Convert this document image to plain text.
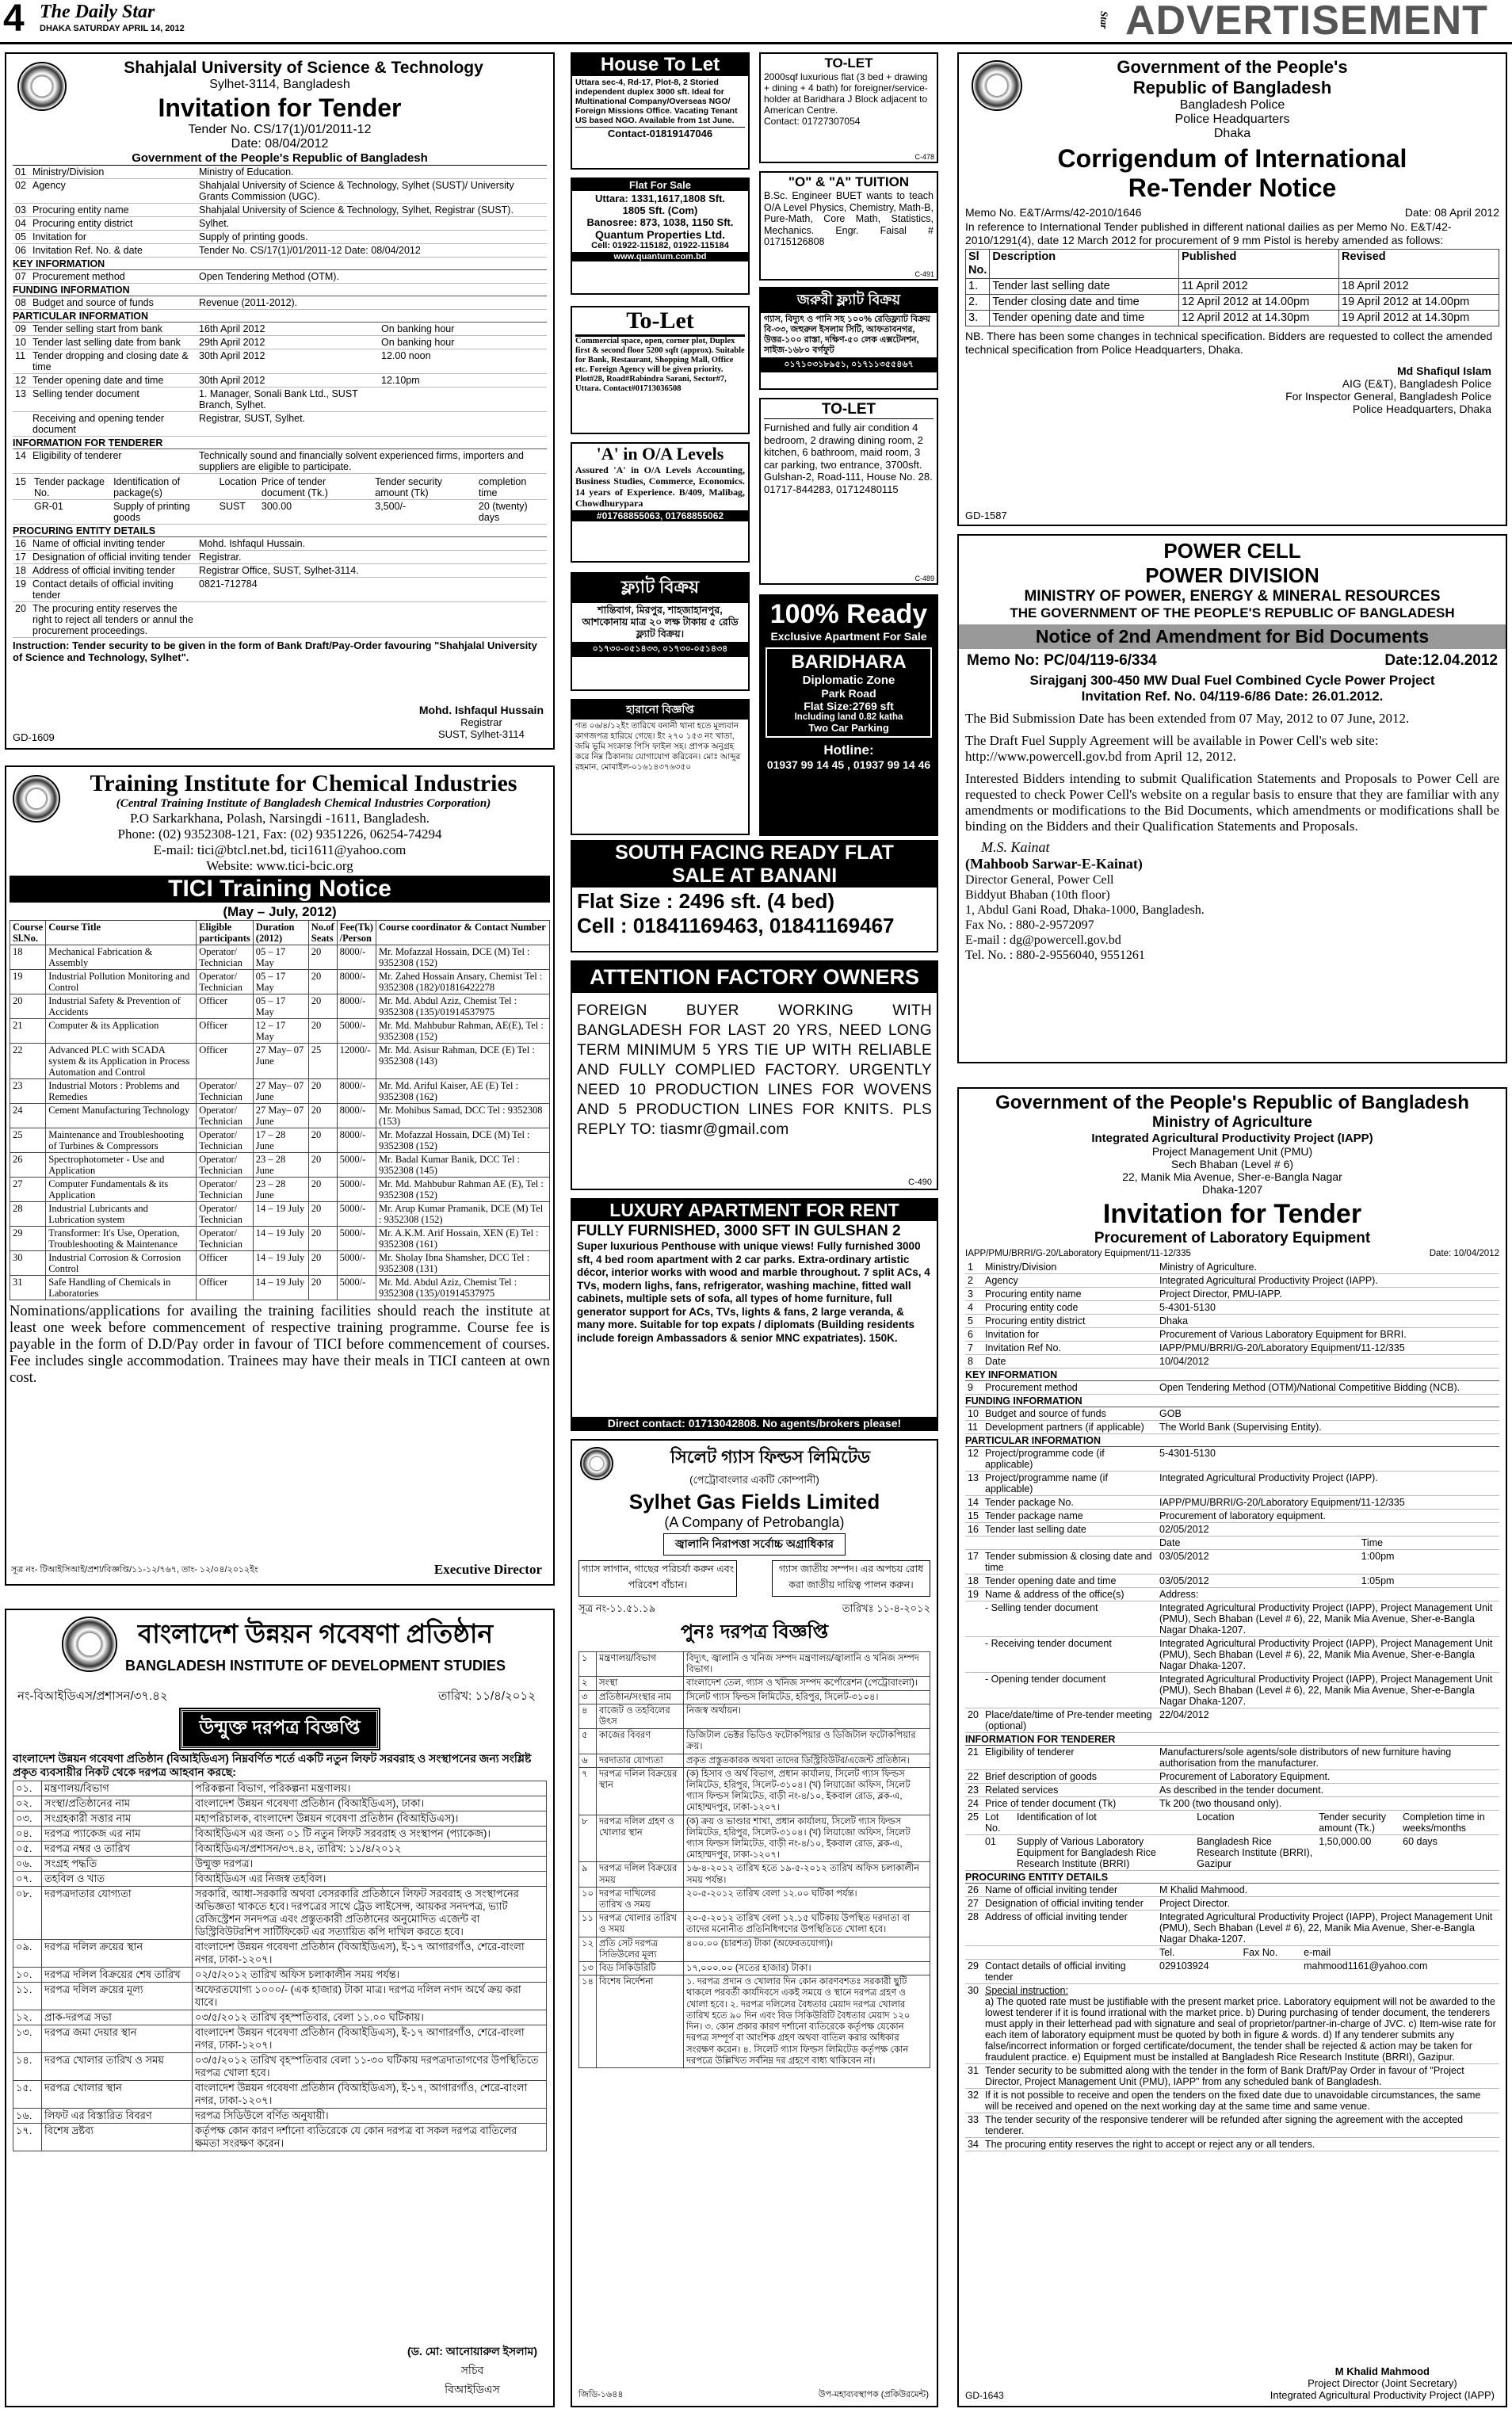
4 The Daily Star
DHAKA SATURDAY APRIL 14, 2012	Star ADVERTISEMENT
Shahjalal University of Science & Technology
Sylhet-3114, Bangladesh
Invitation for Tender
Tender No. CS/17(1)/01/2011-12
Date: 08/04/2012
Government of the People's Republic of Bangladesh
01	Ministry/Division	Ministry of Education.
02	Agency	Shahjalal University of Science & Technology, Sylhet (SUST)/ University Grants Commission (UGC).
03	Procuring entity name	Shahjalal University of Science & Technology, Sylhet, Registrar (SUST).
04	Procuring entity district	Sylhet.
05	Invitation for	Supply of printing goods.
06	Invitation Ref. No. & date	Tender No. CS/17(1)/01/2011-12 Date: 08/04/2012
KEY INFORMATION
07	Procurement method	Open Tendering Method (OTM).
FUNDING INFORMATION
08	Budget and source of funds	Revenue (2011-2012).
PARTICULAR INFORMATION
09	Tender selling start from bank	16th April 2012	On banking hour
10	Tender last selling date from bank	29th April 2012	On banking hour
11	Tender dropping and closing date & time	30th April 2012	12.00 noon
12	Tender opening date and time	30th April 2012	12.10pm
13	Selling tender document	1. Manager, Sonali Bank Ltd., SUST Branch, Sylhet.	
	Receiving and opening tender document	Registrar, SUST, Sylhet.	
INFORMATION FOR TENDERER
14	Eligibility of tenderer	Technically sound and financially solvent experienced firms, importers and suppliers are eligible to participate.
15	Tender package No.	Identification of package(s)	Location	Price of tender document (Tk.)	Tender security amount (Tk)	completion time
	GR-01	Supply of printing goods	SUST	300.00	3,500/-	20 (twenty) days
PROCURING ENTITY DETAILS
16	Name of official inviting tender	Mohd. Ishfaqul Hussain.
17	Designation of official inviting tender	Registrar.
18	Address of official inviting tender	Registrar Office, SUST, Sylhet-3114.
19	Contact details of official inviting tender	0821-712784
20	The procuring entity reserves the right to reject all tenders or annul the procurement proceedings.	
Instruction: Tender security to be given in the form of Bank Draft/Pay-Order favouring "Shahjalal University of Science and Technology, Sylhet".
Mohd. Ishfaqul Hussain
Registrar
SUST, Sylhet-3114
GD-1609
Training Institute for Chemical Industries
(Central Training Institute of Bangladesh Chemical Industries Corporation)
P.O Sarkarkhana, Polash, Narsingdi -1611, Bangladesh.
Phone: (02) 9352308-121, Fax: (02) 9351226, 06254-74294
E-mail: tici@btcl.net.bd, tici1611@yahoo.com
Website: www.tici-bcic.org
TICI Training Notice
(May – July, 2012)
Course Sl.No.	Course Title	Eligible participants	Duration (2012)	No.of Seats	Fee(Tk) /Person	Course coordinator & Contact Number
18	Mechanical Fabrication & Assembly	Operator/ Technician	05 – 17 May	20	8000/-	Mr. Mofazzal Hossain, DCE (M) Tel : 9352308 (152)
19	Industrial Pollution Monitoring and Control	Operator/ Technician	05 – 17 May	20	8000/-	Mr. Zahed Hossain Ansary, Chemist Tel : 9352308 (182)/01816422278
20	Industrial Safety & Prevention of Accidents	Officer	05 – 17 May	20	8000/-	Mr. Md. Abdul Aziz, Chemist Tel : 9352308 (135)/01914537975
21	Computer & its Application	Officer	12 – 17 May	20	5000/-	Mr. Md. Mahbubur Rahman, AE(E), Tel : 9352308 (152)
22	Advanced PLC with SCADA system & its Application in Process Automation and Control	Officer	27 May– 07 June	25	12000/-	Mr. Md. Asisur Rahman, DCE (E) Tel : 9352308 (143)
23	Industrial Motors : Problems and Remedies	Operator/ Technician	27 May– 07 June	20	8000/-	Mr. Md. Ariful Kaiser, AE (E) Tel : 9352308 (162)
24	Cement Manufacturing Technology	Operator/ Technician	27 May– 07 June	20	8000/-	Mr. Mohibus Samad, DCC Tel : 9352308 (153)
25	Maintenance and Troubleshooting of Turbines & Compressors	Operator/ Technician	17 – 28 June	20	8000/-	Mr. Mofazzal Hossain, DCE (M) Tel : 9352308 (152)
26	Spectrophotometer - Use and Application	Operator/ Technician	23 – 28 June	20	5000/-	Mr. Badal Kumar Banik, DCC Tel : 9352308 (145)
27	Computer Fundamentals & its Application	Operator/ Technician	23 – 28 June	20	5000/-	Mr. Md. Mahbubur Rahman AE (E), Tel : 9352308 (152)
28	Industrial Lubricants and Lubrication system	Operator/ Technician	14 – 19 July	20	5000/-	Mr. Arup Kumar Pramanik, DCE (M) Tel : 9352308 (152)
29	Transformer: It's Use, Operation, Troubleshooting & Maintenance	Operator/ Technician	14 – 19 July	20	5000/-	Mr. A.K.M. Arif Hossain, XEN (E) Tel : 9352308 (161)
30	Industrial Corrosion & Corrosion Control	Officer	14 – 19 July	20	5000/-	Mr. Sholay Ibna Shamsher, DCC Tel : 9352308 (131)
31	Safe Handling of Chemicals in Laboratories	Officer	14 – 19 July	20	5000/-	Mr. Md. Abdul Aziz, Chemist Tel : 9352308 (135)/01914537975
Nominations/applications for availing the training facilities should reach the institute at least one week before commencement of respective training programme. Course fee is payable in the form of D.D/Pay order in favour of TICI before commencement of courses. Fee includes single accommodation. Trainees may have their meals in TICI canteen at own cost.
সূত্র নং- টিআইসিআই/প্রশা/বিজ্ঞপ্তি/১১-১২/৭৬৭, তাং- ১২/০৪/২০১২ইং	Executive Director
বাংলাদেশ উন্নয়ন গবেষণা প্রতিষ্ঠান
BANGLADESH INSTITUTE OF DEVELOPMENT STUDIES
নং-বিআইডিএস/প্রশাসন/৩৭.৪২	তারিখ: ১১/৪/২০১২
উন্মুক্ত দরপত্র বিজ্ঞপ্তি
বাংলাদেশ উন্নয়ন গবেষণা প্রতিষ্ঠান (বিআইডিএস) নিম্নবর্ণিত শর্তে একটি নতুন লিফট সরবরাহ ও সংস্থাপনের জন্য সংশ্লিষ্ট প্রকৃত ব্যবসায়ীর নিকট থেকে দরপত্র আহবান করছে:
০১.	মন্ত্রণালয়/বিভাগ	পরিকল্পনা বিভাগ, পরিকল্পনা মন্ত্রণালয়।
০২.	সংস্থা/প্রতিষ্ঠানের নাম	বাংলাদেশ উন্নয়ন গবেষণা প্রতিষ্ঠান (বিআইডিএস), ঢাকা।
০৩.	সংগ্রহকারী সত্তার নাম	মহাপরিচালক, বাংলাদেশ উন্নয়ন গবেষণা প্রতিষ্ঠান (বিআইডিএস)।
০৪.	দরপত্র প্যাকেজ এর নাম	বিআইডিএস এর জন্য ০১ টি নতুন লিফট সরবরাহ ও সংস্থাপন (প্যাকেজ)।
০৫.	দরপত্র নম্বর ও তারিখ	বিআইডিএস/প্রশাসন/৩৭.৪২, তারিখ: ১১/৪/২০১২
০৬.	সংগ্রহ পদ্ধতি	উন্মুক্ত দরপত্র।
০৭.	তহবিল ও খাত	বিআইডিএস এর নিজস্ব তহবিল।
০৮.	দরপত্রদাতার যোগ্যতা	সরকারি, আধা-সরকারি অথবা বেসরকারি প্রতিষ্ঠানে লিফট সরবরাহ ও সংস্থাপনের অভিজ্ঞতা থাকতে হবে। দরপত্রের সাথে ট্রেড লাইসেন্স, আয়কর সনদপত্র, ভ্যাট রেজিস্ট্রেশন সনদপত্র এবং প্রস্তুতকারী প্রতিষ্ঠানের অনুমোদিত এজেন্ট বা ডিস্ট্রিবিউটরশিপ সার্টিফিকেট এর সত্যায়িত কপি দাখিল করতে হবে।
০৯.	দরপত্র দলিল ক্রয়ের স্থান	বাংলাদেশ উন্নয়ন গবেষণা প্রতিষ্ঠান (বিআইডিএস), ই-১৭ আগারগাঁও, শেরে-বাংলা নগর, ঢাকা-১২০৭।
১০.	দরপত্র দলিল বিক্রয়ের শেষ তারিখ	০২/৫/২০১২ তারিখ অফিস চলাকালীন সময় পর্যন্ত।
১১.	দরপত্র দলিল ক্রয়ের মূল্য	অফেরতযোগ্য ১০০০/- (এক হাজার) টাকা মাত্র। দরপত্র দলিল নগদ অর্থে ক্রয় করা যাবে।
১২.	প্রাক-দরপত্র সভা	০৩/৫/২০১২ তারিখ বৃহস্পতিবার, বেলা ১১.০০ ঘটিকায়।
১৩.	দরপত্র জমা দেয়ার স্থান	বাংলাদেশ উন্নয়ন গবেষণা প্রতিষ্ঠান (বিআইডিএস), ই-১৭ আগারগাঁও, শেরে-বাংলা নগর, ঢাকা-১২০৭।
১৪.	দরপত্র খোলার তারিখ ও সময়	০৩/৫/২০১২ তারিখ বৃহস্পতিবার বেলা ১১-৩০ ঘটিকায় দরপত্রদাতাগণের উপস্থিতিতে দরপত্র খোলা হবে।
১৫.	দরপত্র খোলার স্থান	বাংলাদেশ উন্নয়ন গবেষণা প্রতিষ্ঠান (বিআইডিএস), ই-১৭, আগারগাঁও, শেরে-বাংলা নগর, ঢাকা-১২০৭।
১৬.	লিফট এর বিস্তারিত বিবরণ	দরপত্র সিডিউলে বর্ণিত অনুযায়ী।
১৭.	বিশেষ দ্রষ্টব্য	কর্তৃপক্ষ কোন কারণ দর্শানো ব্যতিরেকে যে কোন দরপত্র বা সকল দরপত্র বাতিলের ক্ষমতা সংরক্ষণ করেন।
(ড. মো: আনোয়ারুল ইসলাম)
সচিব
বিআইডিএস
House To Let
Uttara sec-4, Rd-17, Plot-8, 2 Storied independent duplex 3000 sft. Ideal for Multinational Company/Overseas NGO/ Foreign Missions Office. Vacating Tenant US based NGO. Available from 1st June.
Contact-01819147046
TO-LET
2000sqf luxurious flat (3 bed + drawing + dining + 4 bath) for foreigner/service-holder at Baridhara J Block adjacent to American Centre.
Contact: 01727307054
C-478
Flat For Sale
Uttara: 1331,1617,1808 Sft.
1805 Sft. (Com)
Banosree: 873, 1038, 1150 Sft.
Quantum Properties Ltd.
Cell: 01922-115182, 01922-115184
www.quantum.com.bd
"O" & "A" TUITION
B.Sc. Engineer BUET wants to teach O/A Level Physics, Chemistry, Math-B, Pure-Math, Core Math, Statistics, Mechanics. Engr. Faisal # 01715126808
C-491
To-Let
Commercial space, open, corner plot, Duplex first & second floor 5200 sqft (approx). Suitable for Bank, Restaurant, Shopping Mall, Office etc. Foreign Agency will be given priority. Plot#28, Road#Rabindra Sarani, Sector#7, Uttara. Contact#01713036508
জরুরী ফ্ল্যাট বিক্রয়
গ্যাস, বিদ্যুৎ ও পানি সহ ১০০% রেডিফ্ল্যাট বিক্রয় বি-৩৩, জহুরুল ইসলাম সিটি, আফতাবনগর, উত্তর-১০০ রাস্তা, দক্ষিণ-৫০ লেক এক্সটেনশন, সাইজ-১৬৮০ বর্গফুট
০১৭১০৩১৮৯৫১, ০১৭১১৩৫৫৪৬৭
'A' in O/A Levels
Assured 'A' in O/A Levels Accounting, Business Studies, Commerce, Economics. 14 years of Experience. B/409, Malibag, Chowdhurypara
#01768855063, 01768855062
TO-LET
Furnished and fully air condition 4 bedroom, 2 drawing dining room, 2 kitchen, 6 bathroom, maid room, 3 car parking, two entrance, 3700sft. Gulshan-2, Road-111, House No. 28.
01717-844283, 01712480115
C-489
ফ্ল্যাট বিক্রয়
শান্তিবাগ, মিরপুর, শাহজাহানপুর, আশকোনায় মাত্র ২০ লক্ষ টাকায় ৫ রেডি ফ্ল্যাট বিক্রয়।
০১৭৩০-০৫১৪৩৩, ০১৭৩০-০৫১৪৩৪
হারানো বিজ্ঞপ্তি
গত ০৬/৪/১২ইং তারিখে বনানী থানা হতে মূল্যবান কাগজপত্র হারিয়ে গেছে। ইং ২৭০ ১৫৩ নং খাতা, জমি ভূমি সংক্রান্ত পিসি ফাইল সহ। প্রাপক অনুগ্রহ করে নিম্ন ঠিকানায় যোগাযোগ করিবেন। মোঃ আব্দুর রহমান, মোবাইল-০১৬১৪৩৭৬৩৫০
100% Ready
Exclusive Apartment For Sale
BARIDHARA
Diplomatic Zone
Park Road
Flat Size:2769 sft
Including land 0.82 katha
Two Car Parking
Hotline:
01937 99 14 45 , 01937 99 14 46
SOUTH FACING READY FLAT
SALE AT BANANI
Flat Size : 2496 sft. (4 bed)
Cell : 01841169463, 01841169467
ATTENTION FACTORY OWNERS
FOREIGN BUYER WORKING WITH BANGLADESH FOR LAST 20 YRS, NEED LONG TERM MINIMUM 5 YRS TIE UP WITH RELIABLE AND FULLY COMPLIED FACTORY. URGENTLY NEED 10 PRODUCTION LINES FOR WOVENS AND 5 PRODUCTION LINES FOR KNITS. PLS REPLY TO: tiasmr@gmail.com
C-490
LUXURY APARTMENT FOR RENT
FULLY FURNISHED, 3000 SFT IN GULSHAN 2
Super luxurious Penthouse with unique views! Fully furnished 3000 sft, 4 bed room apartment with 2 car parks. Extra-ordinary artistic décor, interior works with wood and marble throughout. 7 split ACs, 4 TVs, modern lighs, fans, refrigerator, washing machine, fitted wall cabinets, multiple sets of sofa, all types of home furniture, full generator support for ACs, TVs, lights & fans, 2 large veranda, & many more. Suitable for top expats / diplomats (Building residents include foreign Ambassadors & senior MNC expatriates). 150K.
Direct contact: 01713042808. No agents/brokers please!
সিলেট গ্যাস ফিল্ডস লিমিটেড
(পেট্রোবাংলার একটি কোম্পানী)
Sylhet Gas Fields Limited
(A Company of Petrobangla)
জ্বালানি নিরাপত্তা সর্বোচ্চ অগ্রাধিকার
গ্যাস লাগান, গাছের পরিচর্যা করুন এবং পরিবেশ বাঁচান।
গ্যাস জাতীয় সম্পদ। এর অপচয় রোধ করা জাতীয় দায়িত্ব পালন করুন।
সূত্র নং-১১.৫১.১৯	তারিখঃ ১১-৪-২০১২
পুনঃ দরপত্র বিজ্ঞপ্তি
১	মন্ত্রণালয়/বিভাগ	বিদ্যুৎ, জ্বালানি ও খনিজ সম্পদ মন্ত্রণালয়/জ্বালানি ও খনিজ সম্পদ বিভাগ।
২	সংস্থা	বাংলাদেশ তেল, গ্যাস ও খনিজ সম্পদ কর্পোরেশন (পেট্রোবাংলা)।
৩	প্রতিষ্ঠান/সংস্থার নাম	সিলেট গ্যাস ফিল্ডস লিমিটেড, হরিপুর, সিলেট-৩১০৪।
৪	বাজেট ও তহবিলের উৎস	নিজস্ব অর্থায়ন।
৫	কাজের বিবরণ	ডিজিটাল ভেক্টর ভিডিও ফটোকপিয়ার ও ডিজিটাল ফটোকপিয়ার ক্রয়।
৬	দরদাতার যোগ্যতা	প্রকৃত প্রস্তুতকারক অথবা তাদের ডিস্ট্রিবিউটর/এজেন্ট প্রতিষ্ঠান।
৭	দরপত্র দলিল বিক্রয়ের স্থান	(ক) হিসাব ও অর্থ বিভাগ, প্রধান কার্যালয়, সিলেট গ্যাস ফিল্ডস লিমিটেড, হরিপুর, সিলেট-৩১০৪। (খ) লিয়াজো অফিস, সিলেট গ্যাস ফিল্ডস লিমিটেড, বাড়ী নং-৪/১০, ইকবাল রোড, ব্লক-এ, মোহাম্মদপুর, ঢাকা-১২০৭।
৮	দরপত্র দলিল গ্রহণ ও খোলার স্থান	(ক) ক্রয় ও ভাণ্ডার শাখা, প্রধান কার্যালয়, সিলেট গ্যাস ফিল্ডস লিমিটেড, হরিপুর, সিলেট-৩১০৪। (খ) লিয়াজো অফিস, সিলেট গ্যাস ফিল্ডস লিমিটেড, বাড়ী নং-৪/১০, ইকবাল রোড, ব্লক-এ, মোহাম্মদপুর, ঢাকা-১২০৭।
৯	দরপত্র দলিল বিক্রয়ের সময়	১৬-৪-২০১২ তারিখ হতে ১৯-৫-২০১২ তারিখ অফিস চলাকালীন সময় পর্যন্ত।
১০	দরপত্র দাখিলের তারিখ ও সময়	২০-৫-২০১২ তারিখ বেলা ১২.০০ ঘটিকা পর্যন্ত।
১১	দরপত্র খোলার তারিখ ও সময়	২০-৫-২০১২ তারিখ বেলা ১২.১৫ ঘটিকায় উপস্থিত দরদাতা বা তাদের মনোনীত প্রতিনিধিগণের উপস্থিতিতে খোলা হবে।
১২	প্রতি সেট দরপত্র সিডিউলের মূল্য	৪০০.০০ (চারশত) টাকা (অফেরতযোগ্য)।
১৩	বিড সিকিউরিটি	১৭,০০০.০০ (সতের হাজার) টাকা।
১৪	বিশেষ নির্দেশনা	১. দরপত্র প্রদান ও খোলার দিন কোন কারণবশতঃ সরকারী ছুটি থাকলে পরবর্তী কার্যদিবসে একই সময়ে ও স্থানে দরপত্র গ্রহণ ও খোলা হবে। ২. দরপত্র দলিলের বৈধতার মেয়াদ দরপত্র খোলার তারিখ হতে ৯০ দিন এবং বিড সিকিউরিটি বৈধতার মেয়াদ ১২০ দিন। ৩. কোন প্রকার কারণ দর্শানো ব্যতিরেকে কর্তৃপক্ষ যেকোন দরপত্র সম্পূর্ণ বা আংশিক গ্রহণ অথবা বাতিল করার অধিকার সংরক্ষণ করেন। ৪. সিলেট গ্যাস ফিল্ডস লিমিটেড কর্তৃপক্ষ কোন দরপত্রে উল্লিখিত সর্বনিম্ন দর গ্রহণে বাধ্য থাকিবেন না।
জিডি-১৬৪৪	উপ-মহাব্যবস্থাপক (প্রকিউরমেন্ট)
Government of the People's
Republic of Bangladesh
Bangladesh Police
Police Headquarters
Dhaka
Corrigendum of International
Re-Tender Notice
Memo No. E&T/Arms/42-2010/1646	Date: 08 April 2012
In reference to International Tender published in different national dailies as per Memo No. E&T/42-2010/1291(4), date 12 March 2012 for procurement of 9 mm Pistol is hereby amended as follows:
Sl No.	Description	Published	Revised
1.	Tender last selling date	11 April 2012	18 April 2012
2.	Tender closing date and time	12 April 2012 at 14.00pm	19 April 2012 at 14.00pm
3.	Tender opening date and time	12 April 2012 at 14.30pm	19 April 2012 at 14.30pm
NB. There has been some changes in technical specification. Bidders are requested to collect the amended technical specification from Police Headquarters, Dhaka.
Md Shafiqul Islam
AIG (E&T), Bangladesh Police
For Inspector General, Bangladesh Police
Police Headquarters, Dhaka
GD-1587
POWER CELL
POWER DIVISION
MINISTRY OF POWER, ENERGY & MINERAL RESOURCES
THE GOVERNMENT OF THE PEOPLE'S REPUBLIC OF BANGLADESH
Notice of 2nd Amendment for Bid Documents
Memo No: PC/04/119-6/334	Date:12.04.2012
Sirajganj 300-450 MW Dual Fuel Combined Cycle Power Project
Invitation Ref. No. 04/119-6/86 Date: 26.01.2012.
The Bid Submission Date has been extended from 07 May, 2012 to 07 June, 2012.
The Draft Fuel Supply Agreement will be available in Power Cell's web site: http://www.powercell.gov.bd from April 12, 2012.
Interested Bidders intending to submit Qualification Statements and Proposals to Power Cell are requested to check Power Cell's website on a regular basis to ensure that they are familiar with any amendments or modifications to the Bid Documents, which amendments or modifications shall be binding on the Bidders and their Qualification Statements and Proposals.
M.S. Kainat
(Mahboob Sarwar-E-Kainat)
Director General, Power Cell
Biddyut Bhaban (10th floor)
1, Abdul Gani Road, Dhaka-1000, Bangladesh.
Fax No. : 880-2-9572097
E-mail : dg@powercell.gov.bd
Tel. No. : 880-2-9556040, 9551261
Government of the People's Republic of Bangladesh
Ministry of Agriculture
Integrated Agricultural Productivity Project (IAPP)
Project Management Unit (PMU)
Sech Bhaban (Level # 6)
22, Manik Mia Avenue, Sher-e-Bangla Nagar
Dhaka-1207
Invitation for Tender
Procurement of Laboratory Equipment
IAPP/PMU/BRRI/G-20/Laboratory Equipment/11-12/335	Date: 10/04/2012
1	Ministry/Division	Ministry of Agriculture.
2	Agency	Integrated Agricultural Productivity Project (IAPP).
3	Procuring entity name	Project Director, PMU-IAPP.
4	Procuring entity code	5-4301-5130
5	Procuring entity district	Dhaka
6	Invitation for	Procurement of Various Laboratory Equipment for BRRI.
7	Invitation Ref No.	IAPP/PMU/BRRI/G-20/Laboratory Equipment/11-12/335
8	Date	10/04/2012
KEY INFORMATION
9	Procurement method	Open Tendering Method (OTM)/National Competitive Bidding (NCB).
FUNDING INFORMATION
10	Budget and source of funds	GOB
11	Development partners (if applicable)	The World Bank (Supervising Entity).
PARTICULAR INFORMATION
12	Project/programme code (if applicable)	5-4301-5130
13	Project/programme name (if applicable)	Integrated Agricultural Productivity Project (IAPP).
14	Tender package No.	IAPP/PMU/BRRI/G-20/Laboratory Equipment/11-12/335
15	Tender package name	Procurement of laboratory equipment.
16	Tender last selling date	02/05/2012
		Date	Time
17	Tender submission & closing date and time	03/05/2012	1:00pm
18	Tender opening date and time	03/05/2012	1:05pm
19	Name & address of the office(s)	Address:
	- Selling tender document	Integrated Agricultural Productivity Project (IAPP), Project Management Unit (PMU), Sech Bhaban (Level # 6), 22, Manik Mia Avenue, Sher-e-Bangla Nagar Dhaka-1207.
	- Receiving tender document	Integrated Agricultural Productivity Project (IAPP), Project Management Unit (PMU), Sech Bhaban (Level # 6), 22, Manik Mia Avenue, Sher-e-Bangla Nagar Dhaka-1207.
	- Opening tender document	Integrated Agricultural Productivity Project (IAPP), Project Management Unit (PMU), Sech Bhaban (Level # 6), 22, Manik Mia Avenue, Sher-e-Bangla Nagar Dhaka-1207.
20	Place/date/time of Pre-tender meeting (optional)	22/04/2012
INFORMATION FOR TENDERER
21	Eligibility of tenderer	Manufacturers/sole agents/sole distributors of new furniture having authorisation from the manufacturer.
22	Brief description of goods	Procurement of Laboratory Equipment.
23	Related services	As described in the tender document.
24	Price of tender document (Tk)	Tk 200 (two thousand only).
25	Lot No.	Identification of lot	Location	Tender security amount (Tk.)	Completion time in weeks/months
	01	Supply of Various Laboratory Equipment for Bangladesh Rice Research Institute (BRRI)	Bangladesh Rice Research Institute (BRRI), Gazipur	1,50,000.00	60 days
PROCURING ENTITY DETAILS
26	Name of official inviting tender	M Khalid Mahmood.
27	Designation of official inviting tender	Project Director.
28	Address of official inviting tender	Integrated Agricultural Productivity Project (IAPP), Project Management Unit (PMU), Sech Bhaban (Level # 6), 22, Manik Mia Avenue, Sher-e-Bangla Nagar Dhaka-1207.
		Tel.	Fax No.	e-mail
29	Contact details of official inviting tender	029103924		mahmood1161@yahoo.com
30	Special instruction:
a) The quoted rate must be justifiable with the present market price. Laboratory equipment will not be awarded to the lowest tenderer if it is found irrational with the market price. b) During purchasing of tender document, the tenderers must apply in their letterhead pad with signature and seal of proprietor/partner-in-charge of JVC. c) Item-wise rate for each item of laboratory equipment must be quoted by both in figure & words. d) If any tenderer submits any false/incorrect information or forged certificate/document, the tender shall be rejected & action may be taken for fraudulent practice. e) Equipment must be installed at Bangladesh Rice Research Institute (BRRI), Gazipur.
31	Tender security to be submitted along with the tender in the form of Bank Draft/Pay Order in favour of "Project Director, Project Management Unit (PMU), IAPP" from any scheduled bank of Bangladesh.
32	If it is not possible to receive and open the tenders on the fixed date due to unavoidable circumstances, the same will be received and opened on the next working day at the same time and same venue.
33	The tender security of the responsive tenderer will be refunded after signing the agreement with the accepted tenderer.
34	The procuring entity reserves the right to accept or reject any or all tenders.
M Khalid Mahmood
Project Director (Joint Secretary)
Integrated Agricultural Productivity Project (IAPP)
GD-1643
